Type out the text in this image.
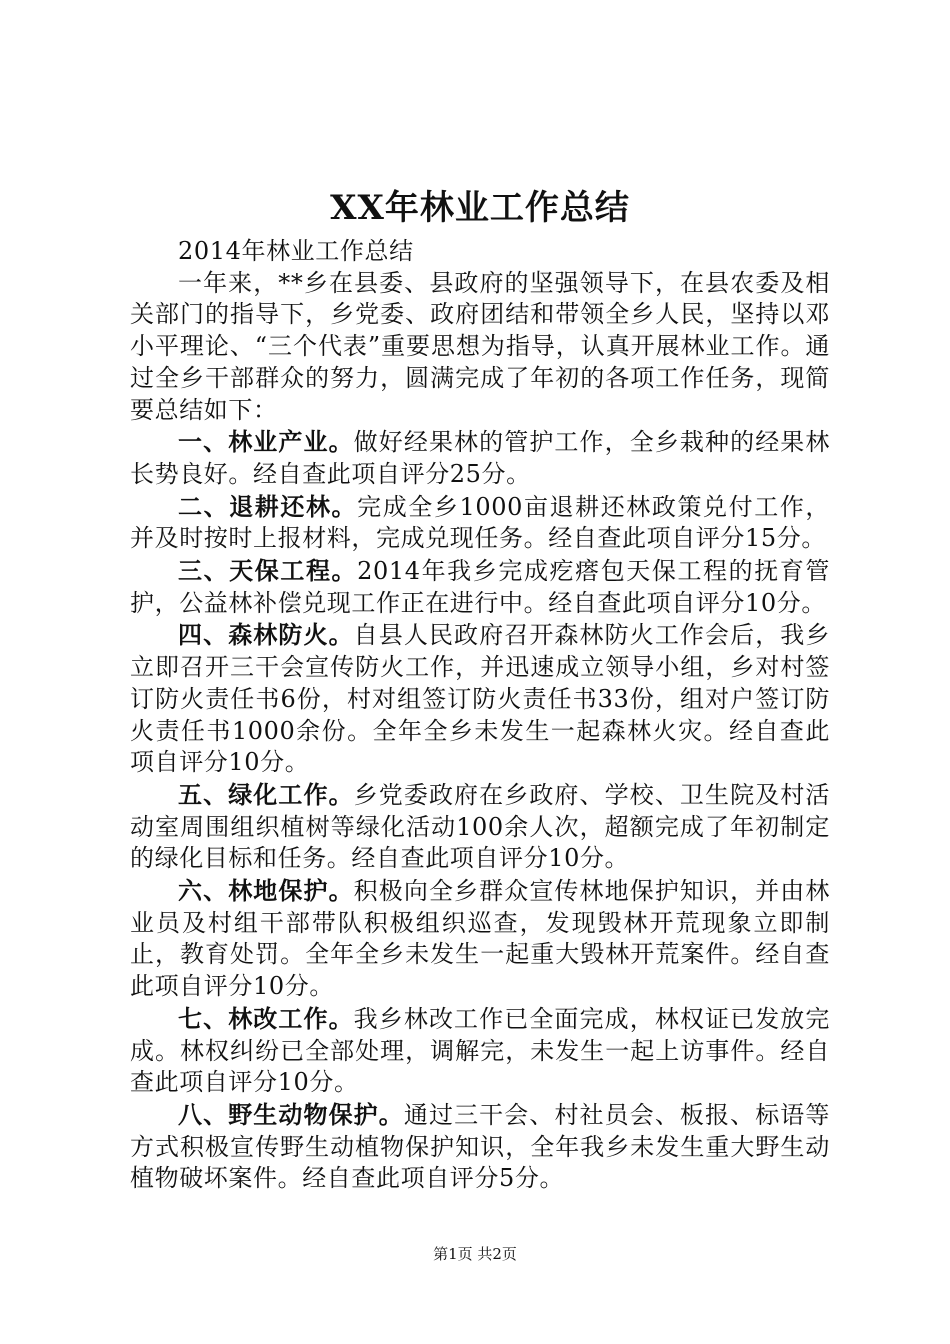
XX年林业工作总结

2014年林业工作总结

一年来，**乡在县委、县政府的坚强领导下，在县农委及相关部门的指导下，乡党委、政府团结和带领全乡人民，坚持以邓小平理论、“三个代表”重要思想为指导，认真开展林业工作。通过全乡干部群众的努力，圆满完成了年初的各项工作任务，现简要总结如下：

一、林业产业。做好经果林的管护工作，全乡栽种的经果林长势良好。经自查此项自评分25分。

二、退耕还林。完成全乡1000亩退耕还林政策兑付工作，并及时按时上报材料，完成兑现任务。经自查此项自评分15分。

三、天保工程。2014年我乡完成疙瘩包天保工程的抚育管护，公益林补偿兑现工作正在进行中。经自查此项自评分10分。

四、森林防火。自县人民政府召开森林防火工作会后，我乡立即召开三干会宣传防火工作，并迅速成立领导小组，乡对村签订防火责任书6份，村对组签订防火责任书33份，组对户签订防火责任书1000余份。全年全乡未发生一起森林火灾。经自查此项自评分10分。

五、绿化工作。乡党委政府在乡政府、学校、卫生院及村活动室周围组织植树等绿化活动100余人次，超额完成了年初制定的绿化目标和任务。经自查此项自评分10分。

六、林地保护。积极向全乡群众宣传林地保护知识，并由林业员及村组干部带队积极组织巡查，发现毁林开荒现象立即制止，教育处罚。全年全乡未发生一起重大毁林开荒案件。经自查此项自评分10分。

七、林改工作。我乡林改工作已全面完成，林权证已发放完成。林权纠纷已全部处理，调解完，未发生一起上访事件。经自查此项自评分10分。

八、野生动物保护。通过三干会、村社员会、板报、标语等方式积极宣传野生动植物保护知识，全年我乡未发生重大野生动植物破坏案件。经自查此项自评分5分。

第1页 共2页
